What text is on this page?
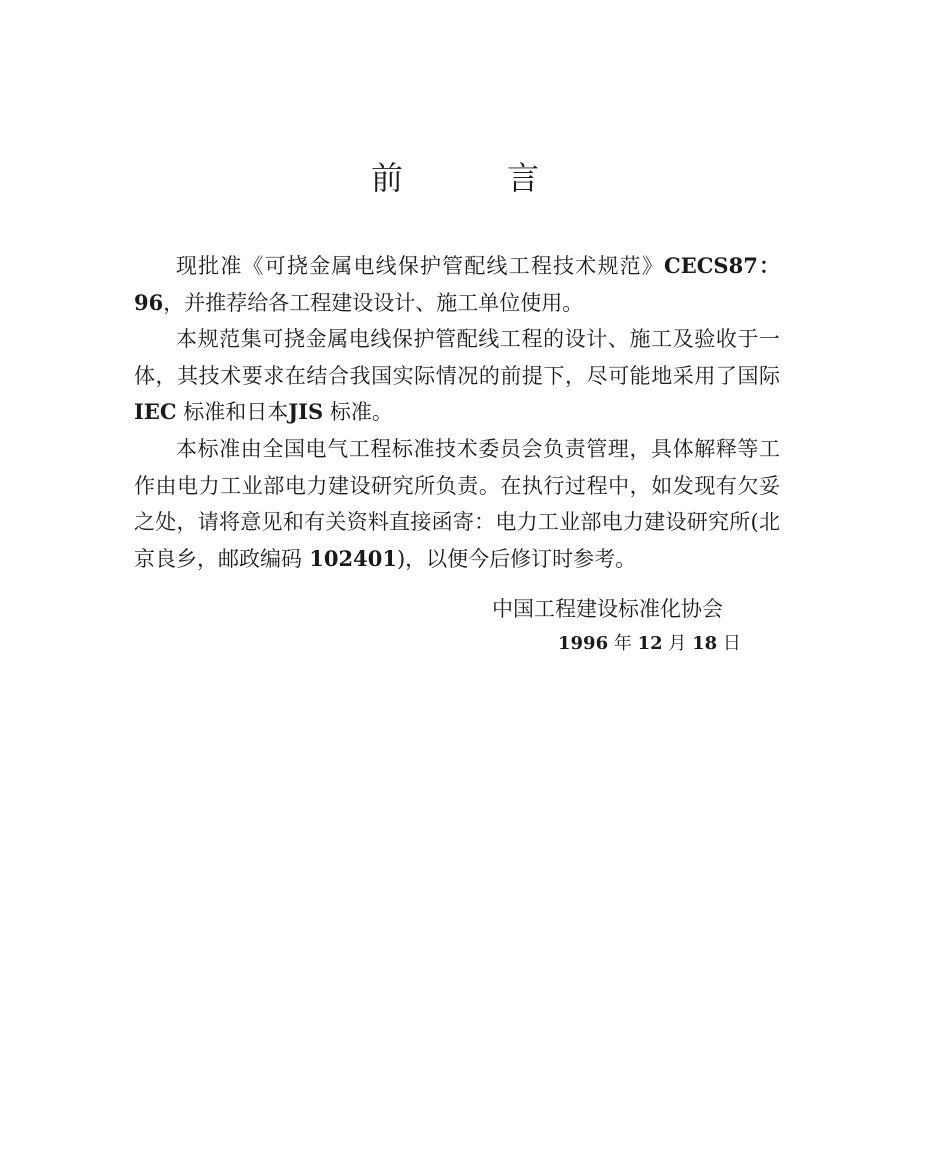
前	言

现批准《可挠金属电线保护管配线工程技术规范》CECS87：96，并推荐给各工程建设设计、施工单位使用。

本规范集可挠金属电线保护管配线工程的设计、施工及验收于一体，其技术要求在结合我国实际情况的前提下，尽可能地采用了国际IEC 标准和日本JIS 标准。

本标准由全国电气工程标准技术委员会负责管理，具体解释等工作由电力工业部电力建设研究所负责。在执行过程中，如发现有欠妥之处，请将意见和有关资料直接函寄：电力工业部电力建设研究所(北京良乡，邮政编码 102401)，以便今后修订时参考。

中国工程建设标准化协会
1996 年 12 月 18 日
